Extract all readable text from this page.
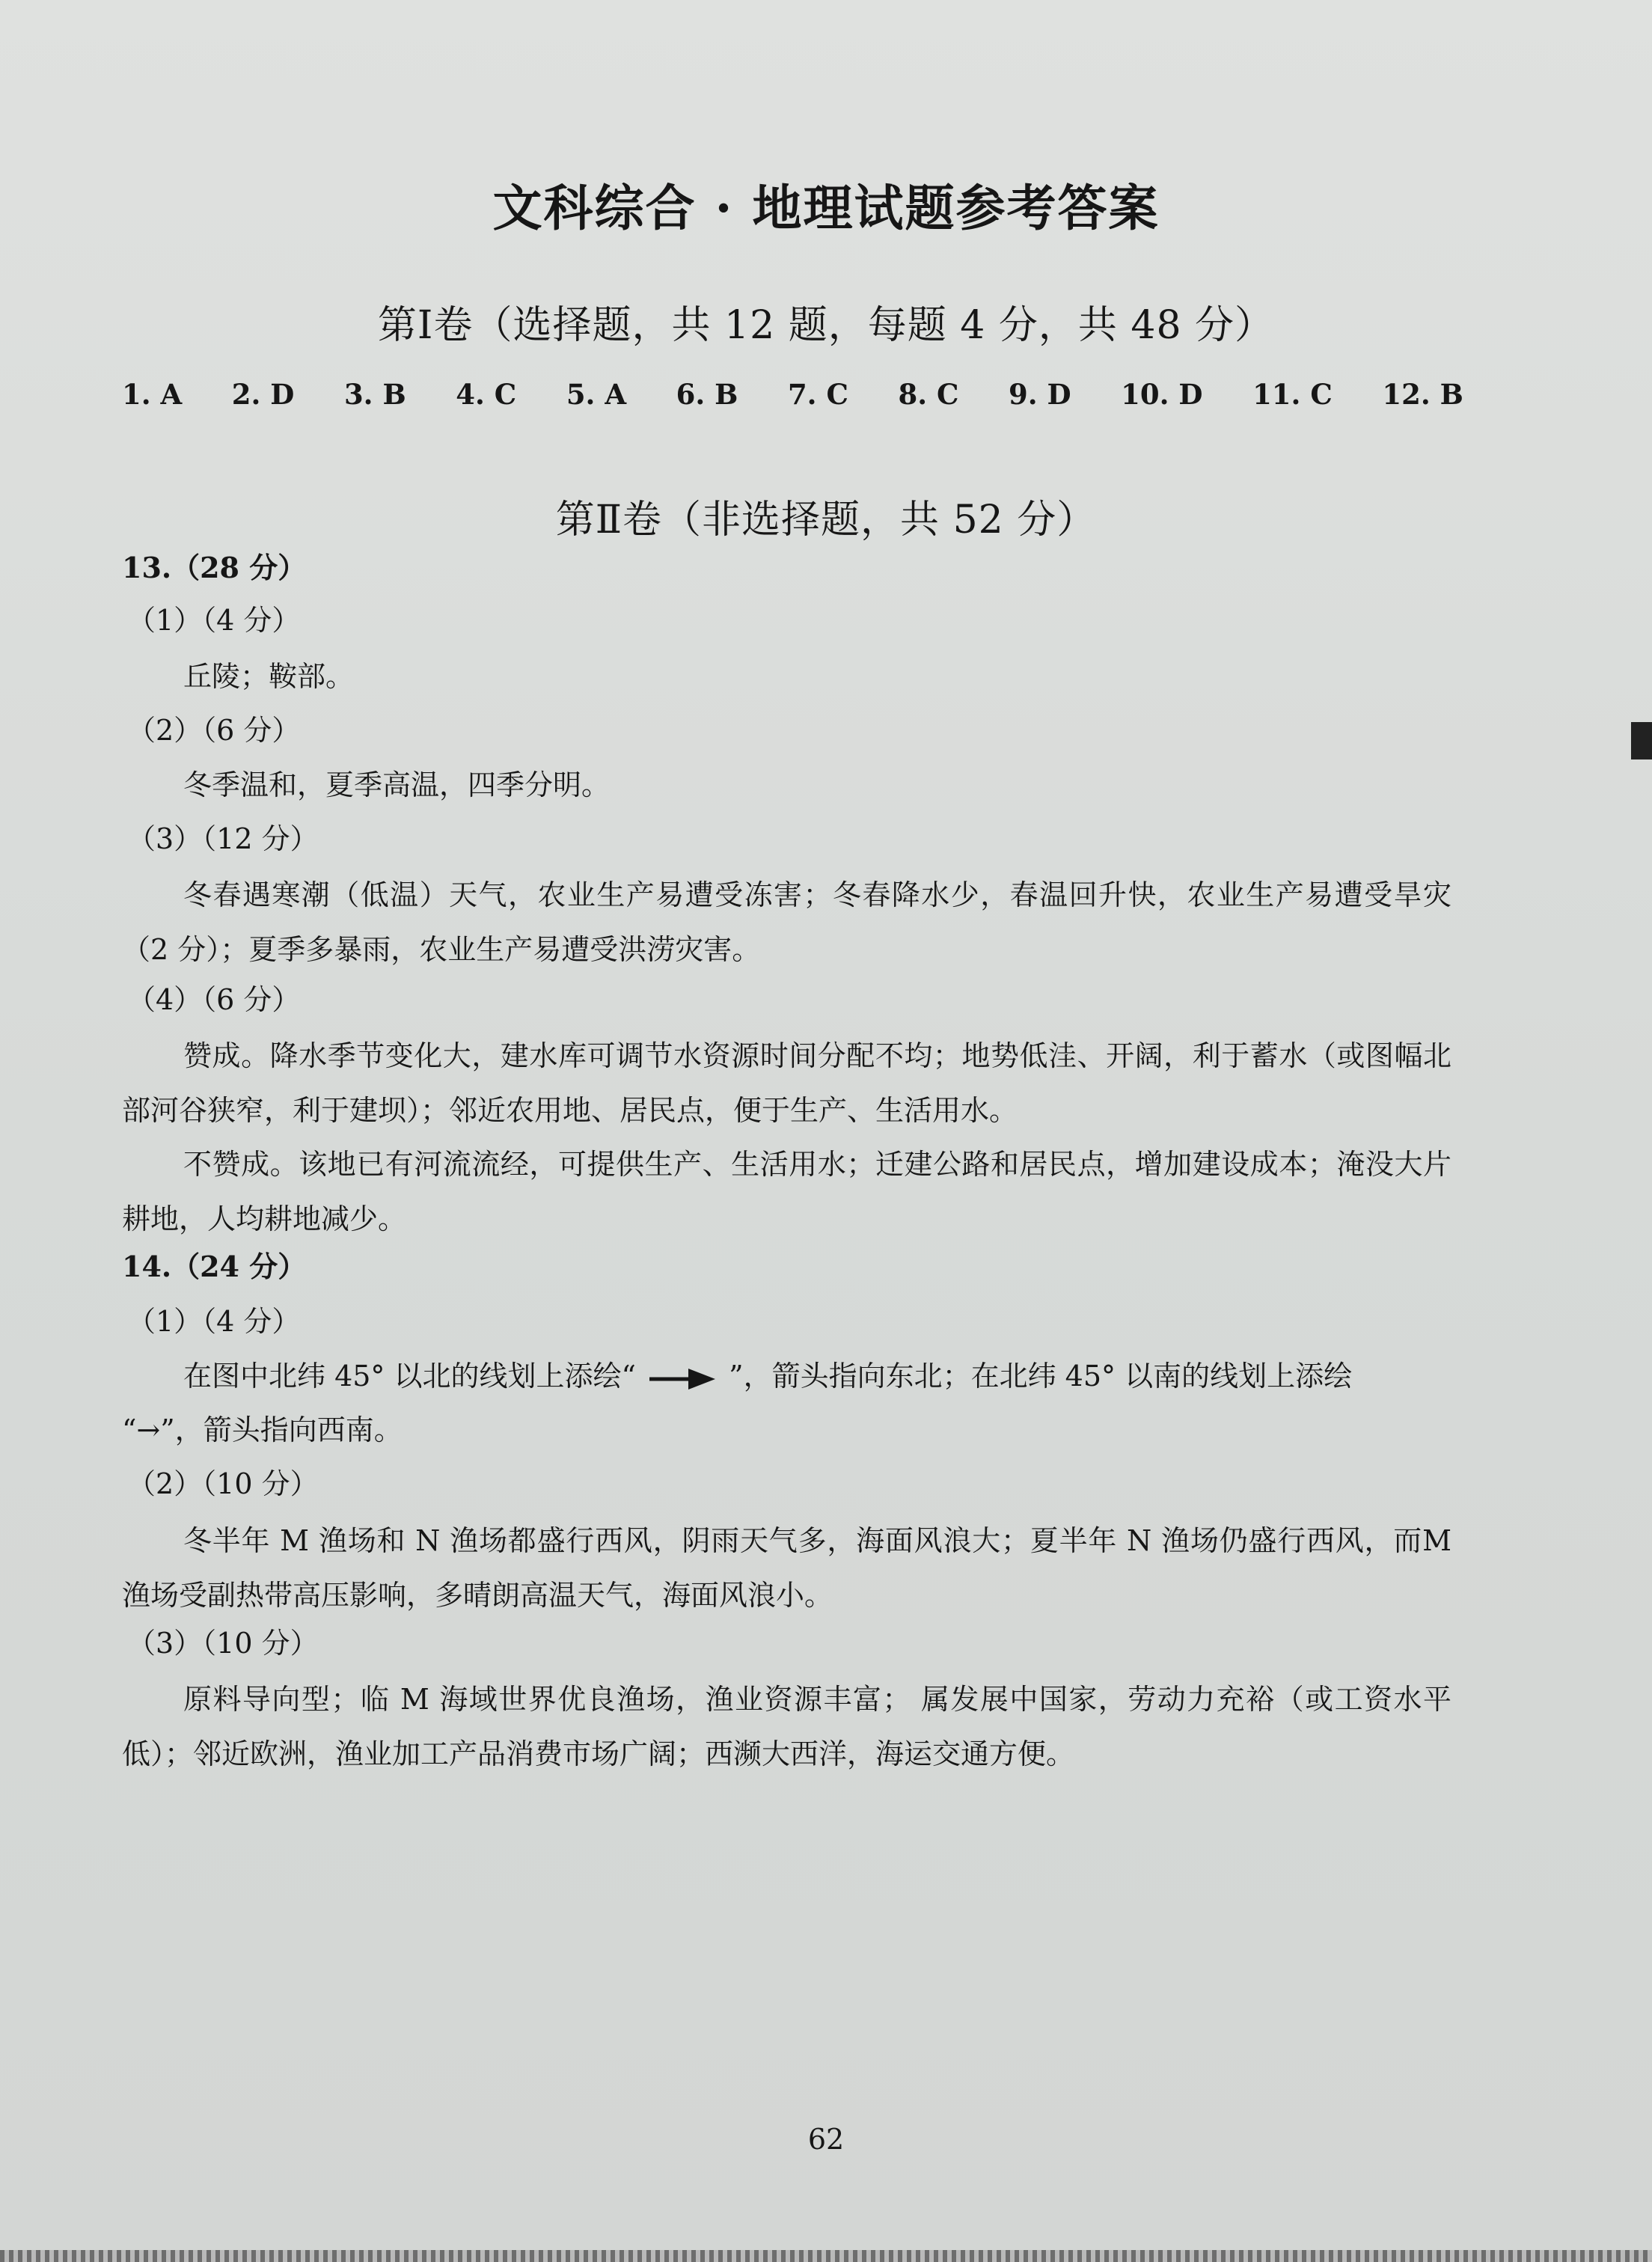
文科综合 · 地理试题参考答案
第Ⅰ卷（选择题，共 12 题，每题 4 分，共 48 分）
1. A 2. D 3. B 4. C 5. A 6. B 7. C 8. C 9. D 10. D 11. C 12. B
第Ⅱ卷（非选择题，共 52 分）
13.（28 分）
（1）（4 分）
丘陵；鞍部。
（2）（6 分）
冬季温和，夏季高温，四季分明。
（3）（12 分）
冬春遇寒潮（低温）天气，农业生产易遭受冻害；冬春降水少，春温回升快，农业生产易遭受旱灾（2 分）；夏季多暴雨，农业生产易遭受洪涝灾害。
（4）（6 分）
赞成。降水季节变化大，建水库可调节水资源时间分配不均；地势低洼、开阔，利于蓄水（或图幅北部河谷狭窄，利于建坝）；邻近农用地、居民点，便于生产、生活用水。
不赞成。该地已有河流流经，可提供生产、生活用水；迁建公路和居民点，增加建设成本；淹没大片耕地，人均耕地减少。
14.（24 分）
（1）（4 分）
在图中北纬 45° 以北的线划上添绘“	”，箭头指向东北；在北纬 45° 以南的线划上添绘
“→”，箭头指向西南。
（2）（10 分）
冬半年 M 渔场和 N 渔场都盛行西风，阴雨天气多，海面风浪大；夏半年 N 渔场仍盛行西风，而M 渔场受副热带高压影响，多晴朗高温天气，海面风浪小。
（3）（10 分）
原料导向型；临 M 海域世界优良渔场，渔业资源丰富； 属发展中国家，劳动力充裕（或工资水平低）；邻近欧洲，渔业加工产品消费市场广阔；西濒大西洋，海运交通方便。
62
